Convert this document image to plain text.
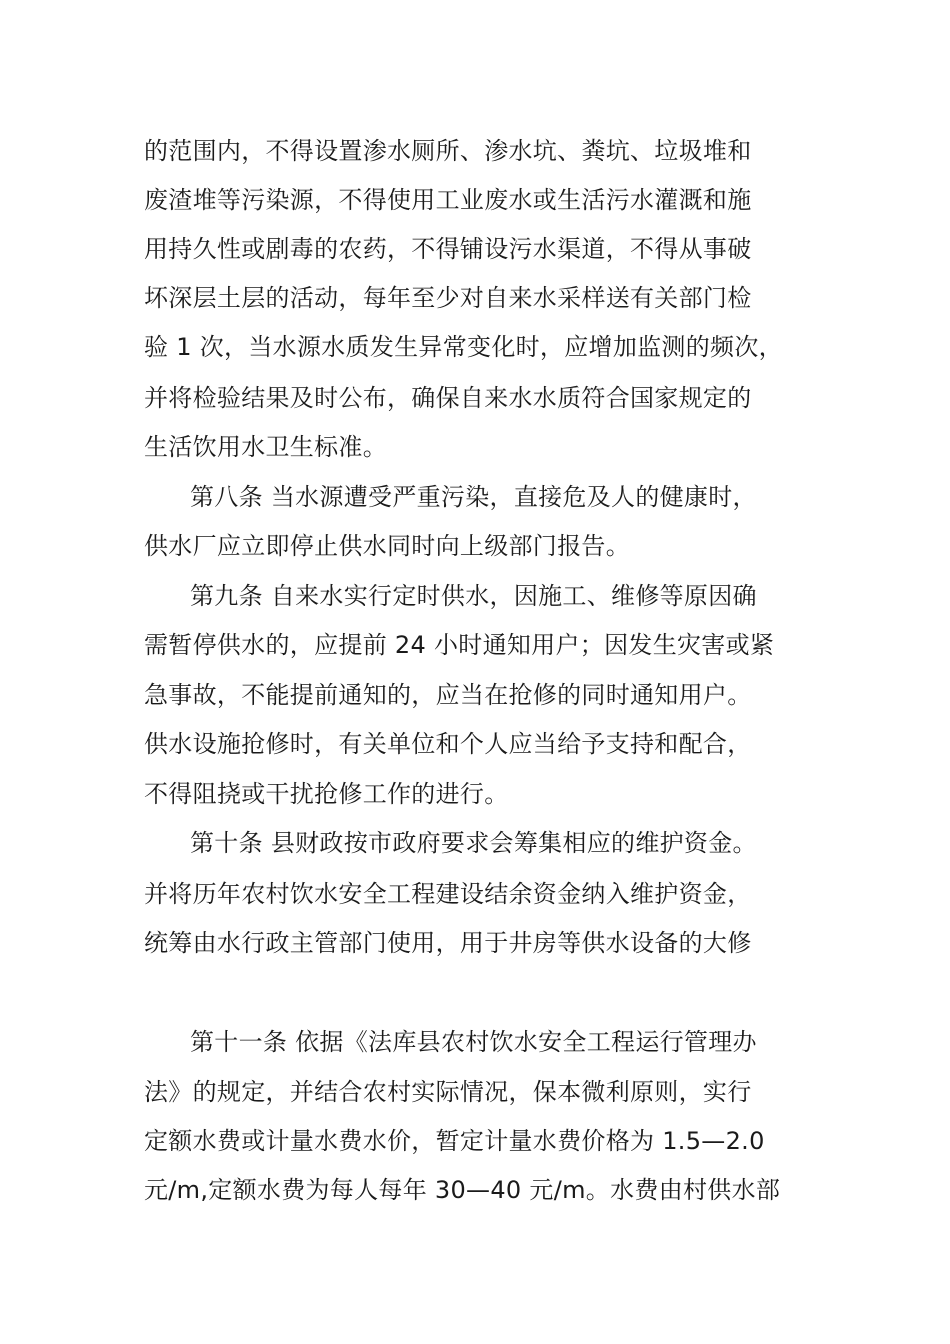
的范围内，不得设置渗水厕所、渗水坑、粪坑、垃圾堆和
废渣堆等污染源，不得使用工业废水或生活污水灌溉和施
用持久性或剧毒的农药，不得铺设污水渠道，不得从事破
坏深层土层的活动，每年至少对自来水采样送有关部门检
验 1 次，当水源水质发生异常变化时，应增加监测的频次，
并将检验结果及时公布，确保自来水水质符合国家规定的
生活饮用水卫生标准。
第八条 当水源遭受严重污染，直接危及人的健康时，
供水厂应立即停止供水同时向上级部门报告。
第九条 自来水实行定时供水，因施工、维修等原因确
需暂停供水的，应提前 24 小时通知用户；因发生灾害或紧
急事故，不能提前通知的，应当在抢修的同时通知用户。
供水设施抢修时，有关单位和个人应当给予支持和配合，
不得阻挠或干扰抢修工作的进行。
第十条 县财政按市政府要求会筹集相应的维护资金。
并将历年农村饮水安全工程建设结余资金纳入维护资金，
统筹由水行政主管部门使用，用于井房等供水设备的大修
第十一条 依据《法库县农村饮水安全工程运行管理办
法》的规定，并结合农村实际情况，保本微利原则，实行
定额水费或计量水费水价，暂定计量水费价格为 1.5—2.0
元/m,定额水费为每人每年 30—40 元/m。水费由村供水部
